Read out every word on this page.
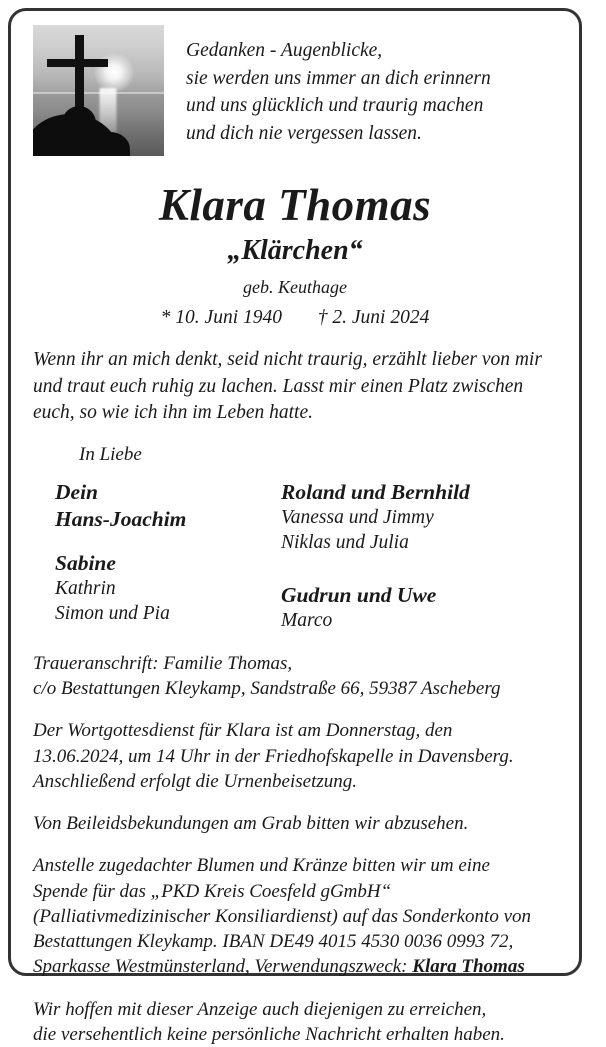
Gedanken - Augenblicke,
sie werden uns immer an dich erinnern
und uns glücklich und traurig machen
und dich nie vergessen lassen.
Klara Thomas
„Klärchen“
geb. Keuthage
* 10. Juni 1940 † 2. Juni 2024
Wenn ihr an mich denkt, seid nicht traurig, erzählt lieber von mir
und traut euch ruhig zu lachen. Lasst mir einen Platz zwischen
euch, so wie ich ihn im Leben hatte.
In Liebe
Dein
Hans-Joachim
Sabine
Kathrin
Simon und Pia
Roland und Bernhild
Vanessa und Jimmy
Niklas und Julia
Gudrun und Uwe
Marco
Traueranschrift: Familie Thomas,
c/o Bestattungen Kleykamp, Sandstraße 66, 59387 Ascheberg
Der Wortgottesdienst für Klara ist am Donnerstag, den
13.06.2024, um 14 Uhr in der Friedhofskapelle in Davensberg.
Anschließend erfolgt die Urnenbeisetzung.
Von Beileidsbekundungen am Grab bitten wir abzusehen.
Anstelle zugedachter Blumen und Kränze bitten wir um eine
Spende für das „PKD Kreis Coesfeld gGmbH“
(Palliativmedizinischer Konsiliardienst) auf das Sonderkonto von
Bestattungen Kleykamp. IBAN DE49 4015 4530 0036 0993 72,
Sparkasse Westmünsterland, Verwendungszweck: Klara Thomas
Wir hoffen mit dieser Anzeige auch diejenigen zu erreichen,
die versehentlich keine persönliche Nachricht erhalten haben.
